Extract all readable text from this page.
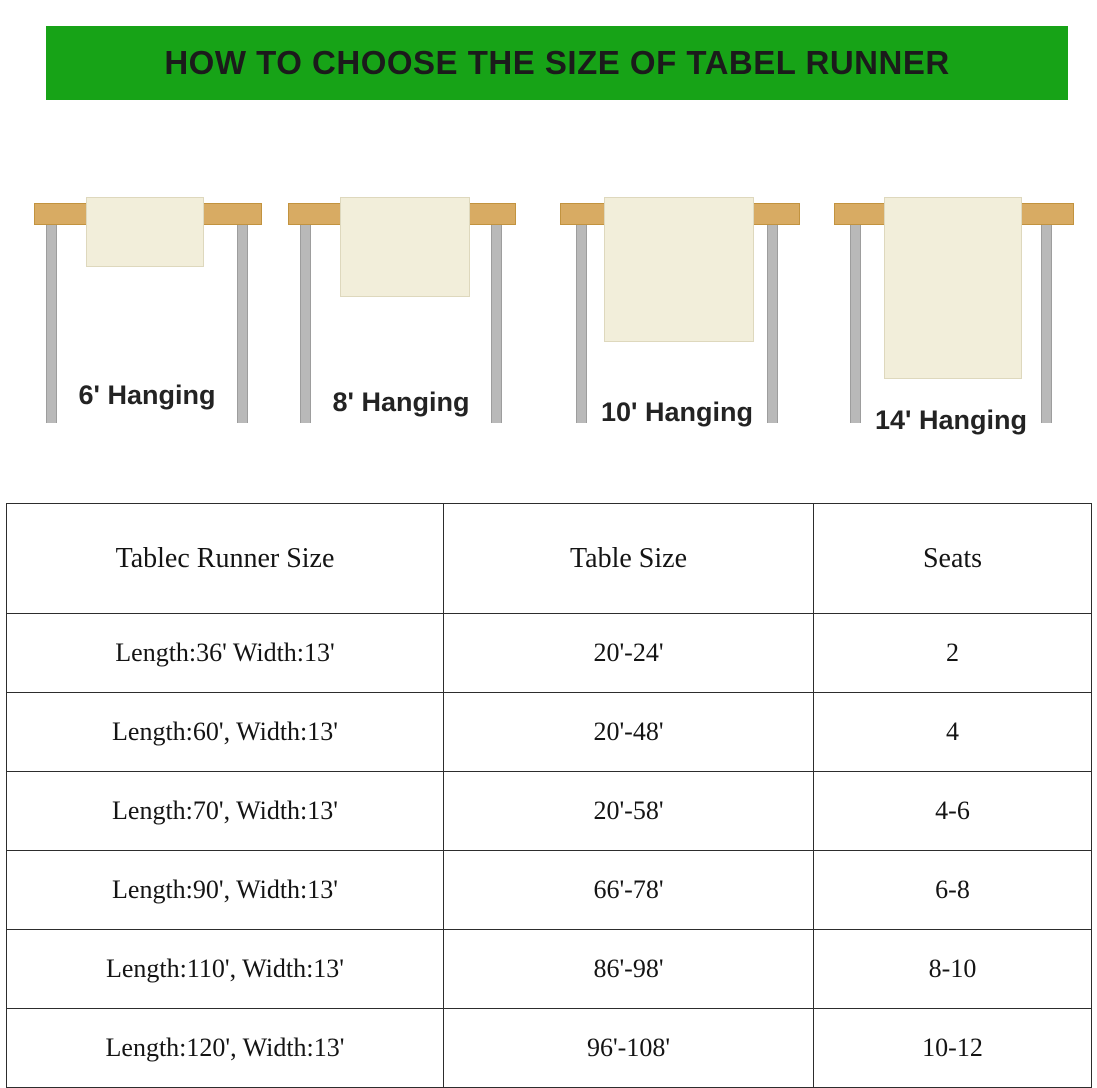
HOW TO CHOOSE THE SIZE OF TABEL RUNNER
6' Hanging	8' Hanging	10' Hanging	14' Hanging
Tablec Runner Size	Table Size	Seats
Length:36' Width:13'	20'-24'	2
Length:60', Width:13'	20'-48'	4
Length:70', Width:13'	20'-58'	4-6
Length:90', Width:13'	66'-78'	6-8
Length:110', Width:13'	86'-98'	8-10
Length:120', Width:13'	96'-108'	10-12
